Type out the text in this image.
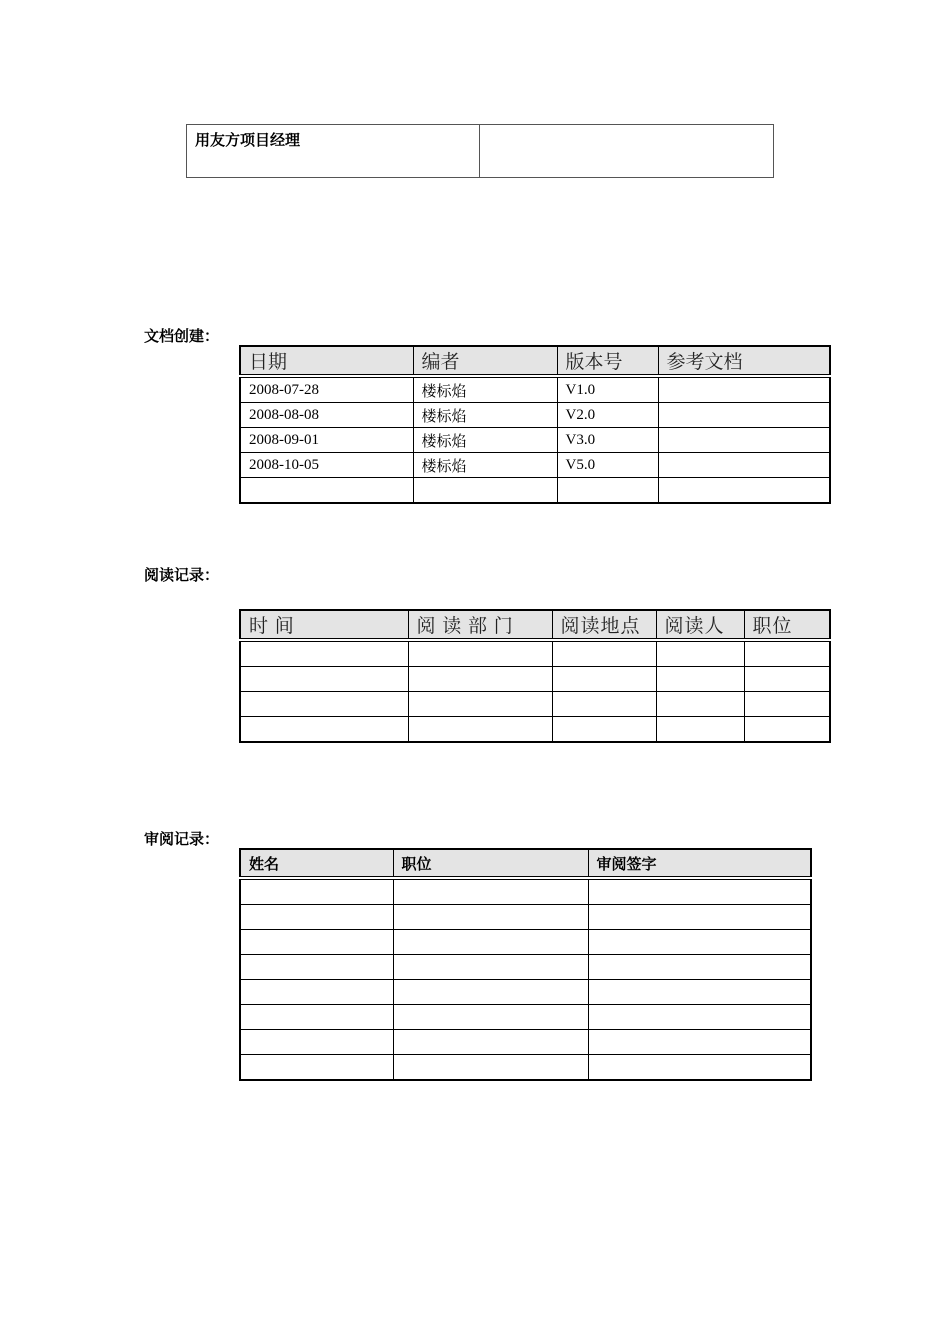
用友方项目经理	
文档创建：
日期	编者	版本号	参考文档
2008-07-28	楼标焰	V1.0	
2008-08-08	楼标焰	V2.0	
2008-09-01	楼标焰	V3.0	
2008-10-05	楼标焰	V5.0	

阅读记录：
时 间	阅 读 部 门	阅读地点	阅读人	职位

审阅记录：
姓名	职位	审阅签字
